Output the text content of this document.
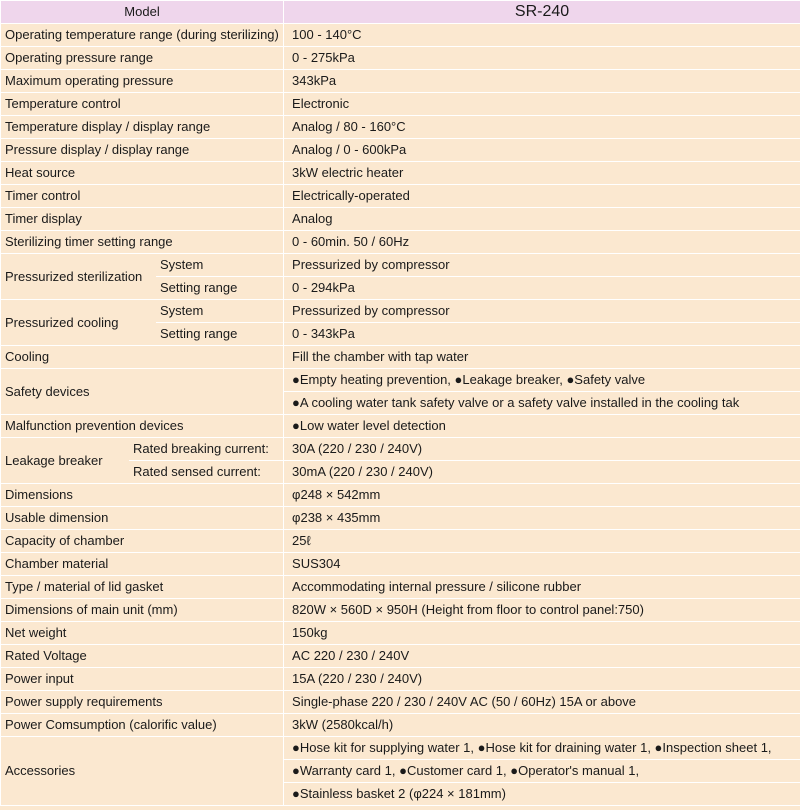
Model			SR-240
Operating temperature range (during sterilizing)			100 - 140°C
Operating pressure range			0 - 275kPa
Maximum operating pressure			343kPa
Temperature control			Electronic
Temperature display / display range			Analog / 80 - 160°C
Pressure display / display range			Analog / 0 - 600kPa
Heat source			3kW electric heater
Timer control			Electrically-operated
Timer display			Analog
Sterilizing timer setting range			0 - 60min. 50 / 60Hz
Pressurized sterilization		System	Pressurized by compressor
		Setting range	0 - 294kPa
Pressurized cooling		System	Pressurized by compressor
		Setting range	0 - 343kPa
Cooling			Fill the chamber with tap water
Safety devices			●Empty heating prevention, ●Leakage breaker, ●Safety valve
			●A cooling water tank safety valve or a safety valve installed in the cooling tak
Malfunction prevention devices			●Low water level detection
Leakage breaker	Rated breaking current:		30A (220 / 230 / 240V)
	Rated sensed current:		30mA (220 / 230 / 240V)
Dimensions			φ248 × 542mm
Usable dimension			φ238 × 435mm
Capacity of chamber			25ℓ
Chamber material			SUS304
Type / material of lid gasket			Accommodating internal pressure / silicone rubber
Dimensions of main unit (mm)			820W × 560D × 950H (Height from floor to control panel:750)
Net weight			150kg
Rated Voltage			AC 220 / 230 / 240V
Power input			15A (220 / 230 / 240V)
Power supply requirements			Single-phase 220 / 230 / 240V AC (50 / 60Hz) 15A or above
Power Comsumption (calorific value)			3kW (2580kcal/h)
Accessories			●Hose kit for supplying water 1, ●Hose kit for draining water 1, ●Inspection sheet 1,
			●Warranty card 1, ●Customer card 1, ●Operator's manual 1,
			●Stainless basket 2 (φ224 × 181mm)
